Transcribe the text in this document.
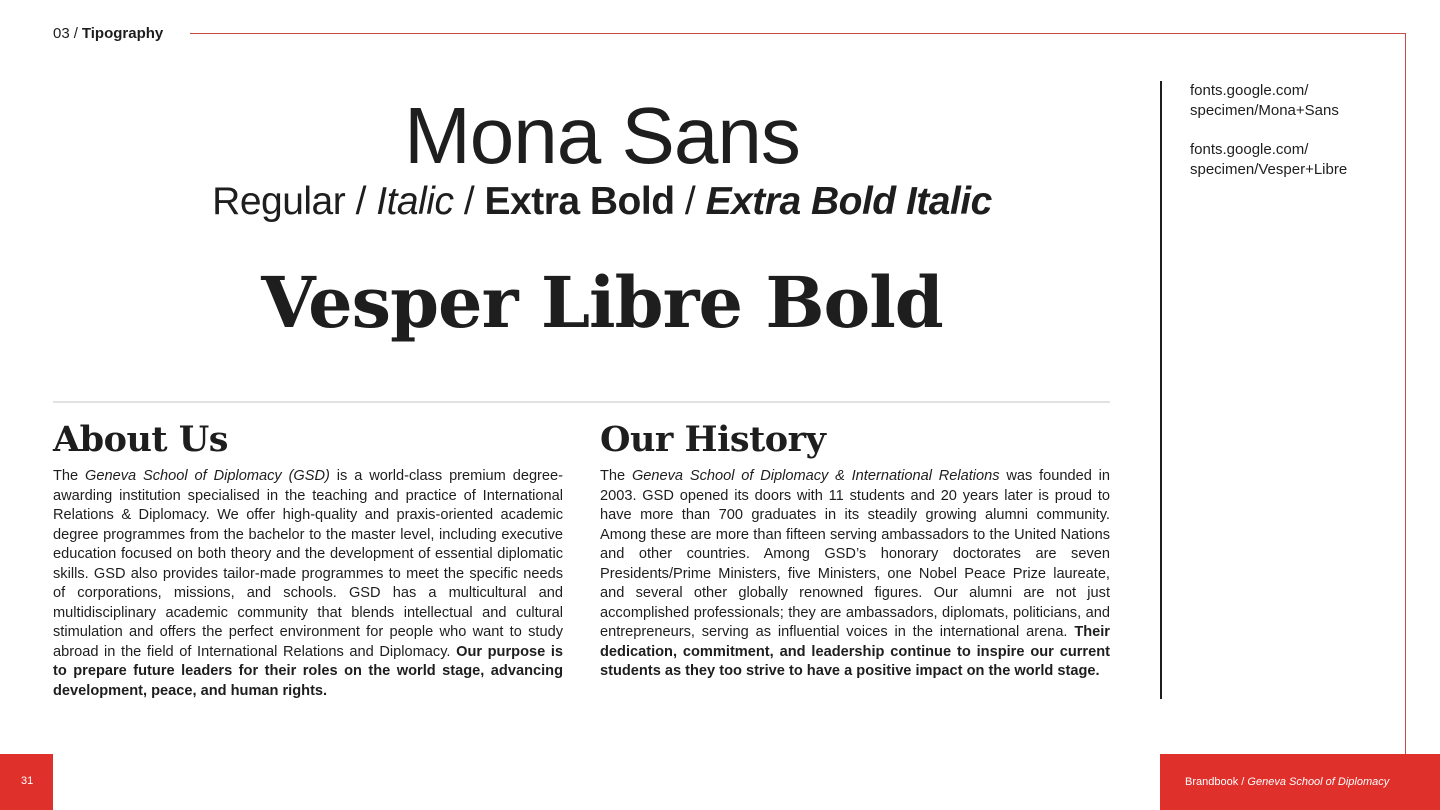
03 / Tipography
Mona Sans
Regular / Italic / Extra Bold / Extra Bold Italic
Vesper Libre Bold
About Us

The Geneva School of Diplomacy (GSD) is a world-class premium degree-awarding institution specialised in the teaching and practice of International Relations & Diplomacy. We offer high-quality and praxis-oriented academic degree programmes from the bachelor to the master level, including executive education focused on both theory and the development of essential diplomatic skills. GSD also provides tailor-made programmes to meet the specific needs of corporations, missions, and schools. GSD has a multicultural and multidisciplinary academic community that blends intellectual and cultural stimulation and offers the perfect environment for people who want to study abroad in the field of International Relations and Diplomacy. Our purpose is to prepare future leaders for their roles on the world stage, advancing development, peace, and human rights.

Our History

The Geneva School of Diplomacy & International Relations was founded in 2003. GSD opened its doors with 11 students and 20 years later is proud to have more than 700 graduates in its steadily growing alumni community. Among these are more than fifteen serving ambassadors to the United Nations and other countries. Among GSD’s honorary doctorates are seven Presidents/Prime Ministers, five Ministers, one Nobel Peace Prize laureate, and several other globally renowned figures. Our alumni are not just accomplished professionals; they are ambassadors, diplomats, politicians, and entrepreneurs, serving as influential voices in the international arena. Their dedication, commitment, and leadership continue to inspire our current students as they too strive to have a positive impact on the world stage.

fonts.google.com/
specimen/Mona+Sans
fonts.google.com/
specimen/Vesper+Libre
31	Brandbook / Geneva School of Diplomacy
